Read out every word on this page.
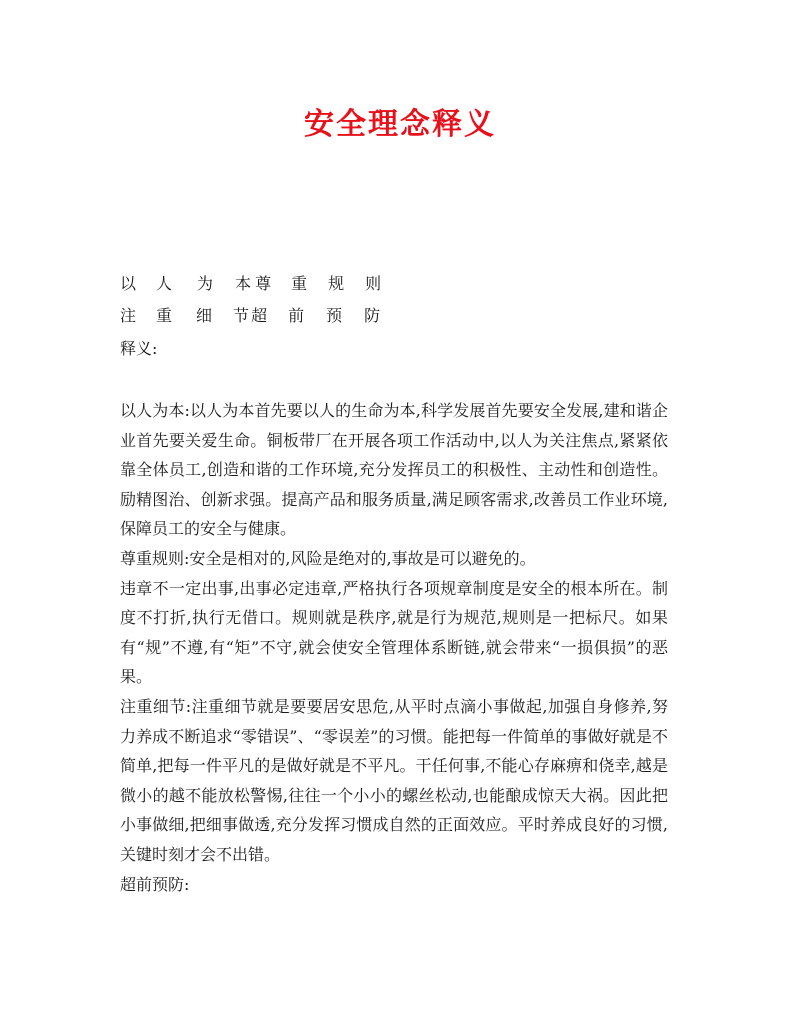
安全理念释义
以 人 为 本 尊 重 规 则
注 重 细 节 超 前 预 防
释义:

以人为本:以人为本首先要以人的生命为本,科学发展首先要安全发展,建和谐企业首先要关爱生命。铜板带厂在开展各项工作活动中,以人为关注焦点,紧紧依靠全体员工,创造和谐的工作环境,充分发挥员工的积极性、主动性和创造性。励精图治、创新求强。提高产品和服务质量,满足顾客需求,改善员工作业环境,保障员工的安全与健康。

尊重规则:安全是相对的,风险是绝对的,事故是可以避免的。

违章不一定出事,出事必定违章,严格执行各项规章制度是安全的根本所在。制度不打折,执行无借口。规则就是秩序,就是行为规范,规则是一把标尺。如果有“规”不遵,有“矩”不守,就会使安全管理体系断链,就会带来“一损俱损”的恶果。

注重细节:注重细节就是要要居安思危,从平时点滴小事做起,加强自身修养,努力养成不断追求“零错误”、“零误差”的习惯。能把每一件简单的事做好就是不简单,把每一件平凡的是做好就是不平凡。干任何事,不能心存麻痹和侥幸,越是微小的越不能放松警惕,往往一个小小的螺丝松动,也能酿成惊天大祸。因此把小事做细,把细事做透,充分发挥习惯成自然的正面效应。平时养成良好的习惯,关键时刻才会不出错。

超前预防:
